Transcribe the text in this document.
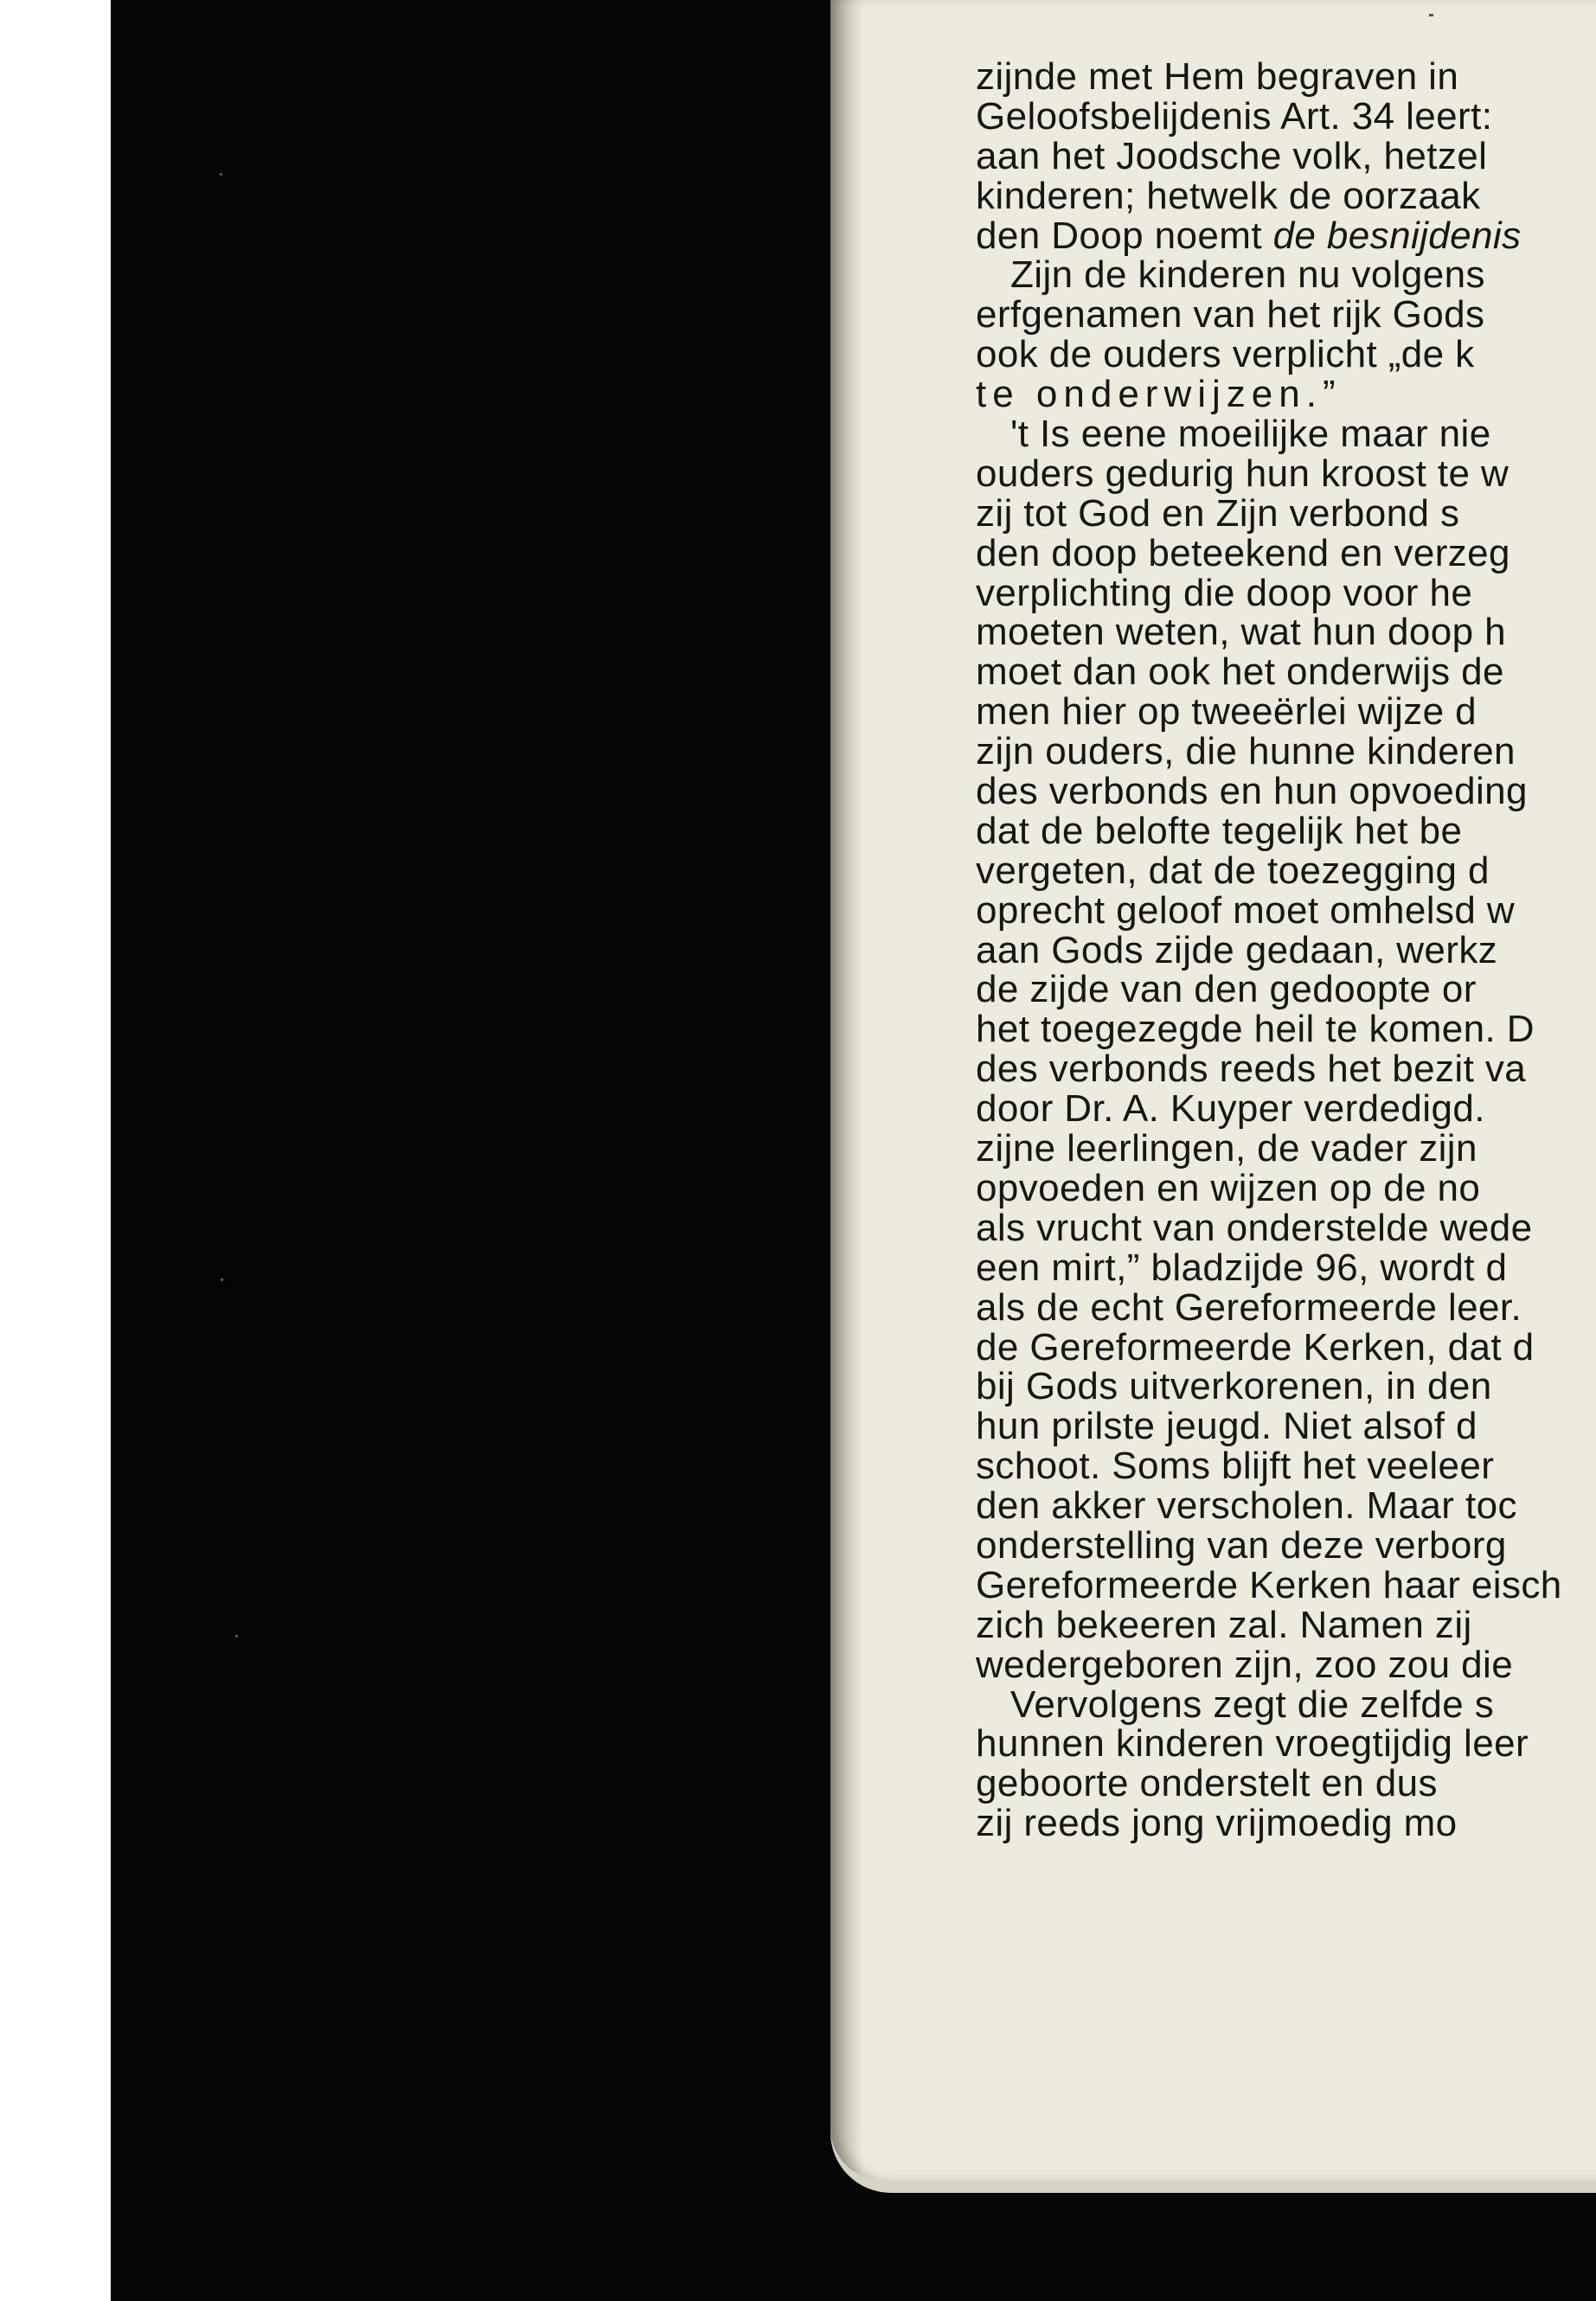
zijnde met Hem begraven in
Geloofsbelijdenis Art. 34 leert:
aan het Joodsche volk, hetzel
kinderen; hetwelk de oorzaak
den Doop noemt de besnijdenis
Zijn de kinderen nu volgens
erfgenamen van het rijk Gods
ook de ouders verplicht „de k
te onderwijzen.”
't Is eene moeilijke maar nie
ouders gedurig hun kroost te w
zij tot God en Zijn verbond s
den doop beteekend en verzeg
verplichting die doop voor he
moeten weten, wat hun doop h
moet dan ook het onderwijs de
men hier op tweeërlei wijze d
zijn ouders, die hunne kinderen
des verbonds en hun opvoeding
dat de belofte tegelijk het be
vergeten, dat de toezegging d
oprecht geloof moet omhelsd w
aan Gods zijde gedaan, werkz
de zijde van den gedoopte or
het toegezegde heil te komen. D
des verbonds reeds het bezit va
door Dr. A. Kuyper verdedigd.
zijne leerlingen, de vader zijn
opvoeden en wijzen op de no
als vrucht van onderstelde wede
een mirt,” bladzijde 96, wordt d
als de echt Gereformeerde leer.
de Gereformeerde Kerken, dat d
bij Gods uitverkorenen, in den
hun prilste jeugd. Niet alsof d
schoot. Soms blijft het veeleer
den akker verscholen. Maar toc
onderstelling van deze verborg
Gereformeerde Kerken haar eisch
zich bekeeren zal. Namen zij
wedergeboren zijn, zoo zou die
Vervolgens zegt die zelfde s
hunnen kinderen vroegtijdig leer
geboorte onderstelt en dus
zij reeds jong vrijmoedig mo
